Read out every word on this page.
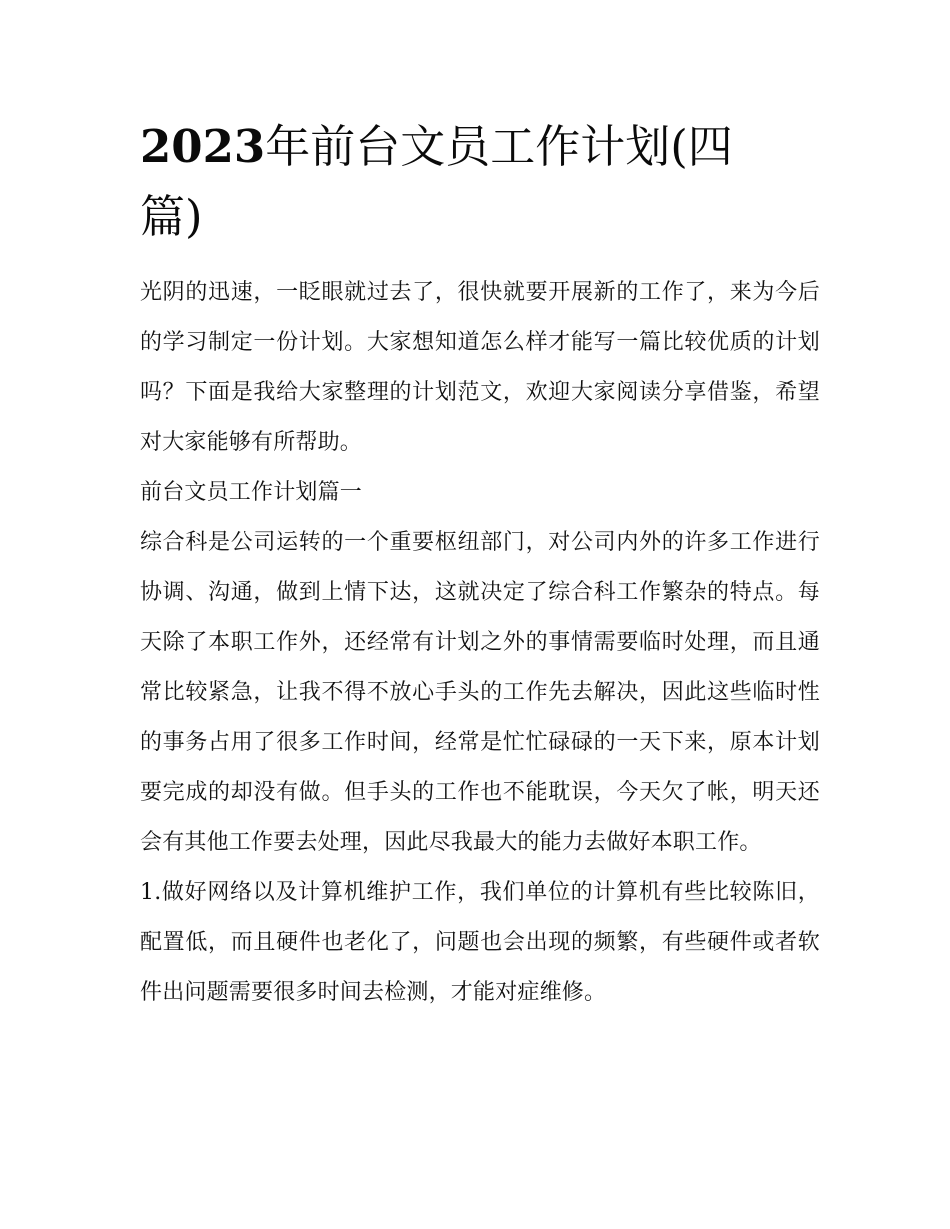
2023年前台文员工作计划(四篇)

光阴的迅速，一眨眼就过去了，很快就要开展新的工作了，来为今后的学习制定一份计划。大家想知道怎么样才能写一篇比较优质的计划吗？下面是我给大家整理的计划范文，欢迎大家阅读分享借鉴，希望对大家能够有所帮助。

前台文员工作计划篇一

综合科是公司运转的一个重要枢纽部门，对公司内外的许多工作进行协调、沟通，做到上情下达，这就决定了综合科工作繁杂的特点。每天除了本职工作外，还经常有计划之外的事情需要临时处理，而且通常比较紧急，让我不得不放心手头的工作先去解决，因此这些临时性的事务占用了很多工作时间，经常是忙忙碌碌的一天下来，原本计划要完成的却没有做。但手头的工作也不能耽误，今天欠了帐，明天还会有其他工作要去处理，因此尽我最大的能力去做好本职工作。

1.做好网络以及计算机维护工作，我们单位的计算机有些比较陈旧，配置低，而且硬件也老化了，问题也会出现的频繁，有些硬件或者软件出问题需要很多时间去检测，才能对症维修。
